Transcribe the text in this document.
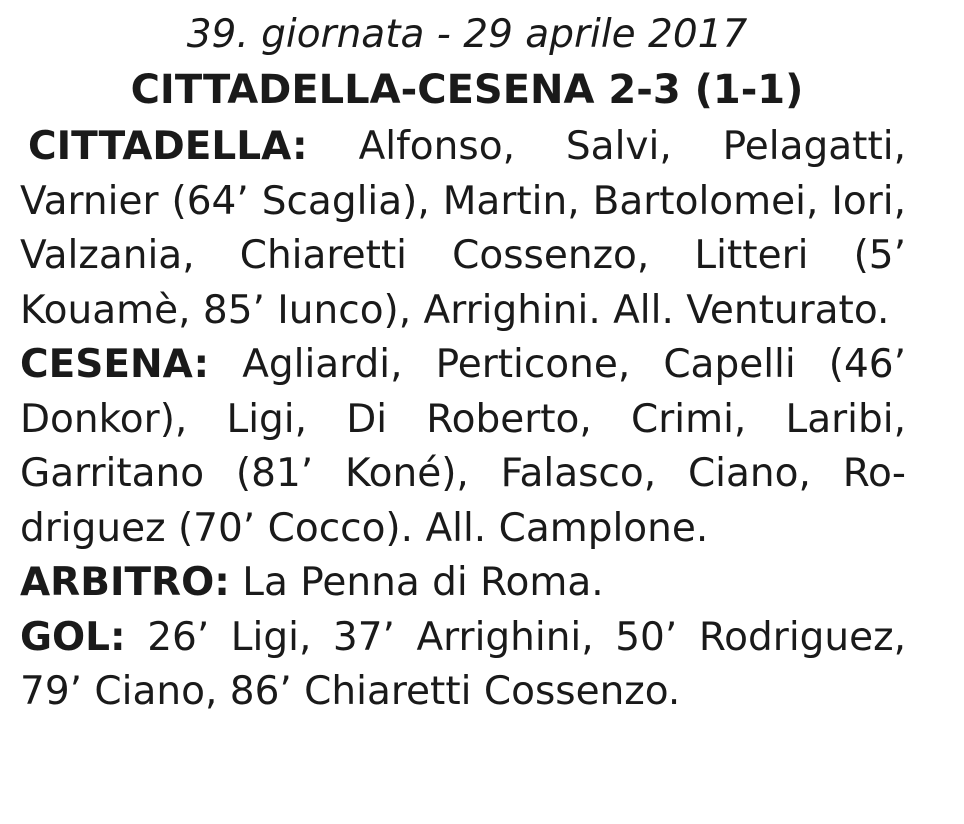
39. giornata - 29 aprile 2017

CITTADELLA-CESENA 2-3 (1-1)

CITTADELLA: Alfonso, Salvi, Pelagatti, Varnier (64’ Scaglia), Martin, Bartolomei, Iori, Valzania, Chiaretti Cossenzo, Litteri (5’ Kouamè, 85’ Iunco), Arrighini. All. Venturato.

CESENA: Agliardi, Perticone, Capelli (46’ Donkor), Ligi, Di Roberto, Crimi, Laribi, Garritano (81’ Koné), Falasco, Ciano, Rodriguez (70’ Cocco). All. Camplone.

ARBITRO: La Penna di Roma.

GOL: 26’ Ligi, 37’ Arrighini, 50’ Rodriguez, 79’ Ciano, 86’ Chiaretti Cossenzo.
